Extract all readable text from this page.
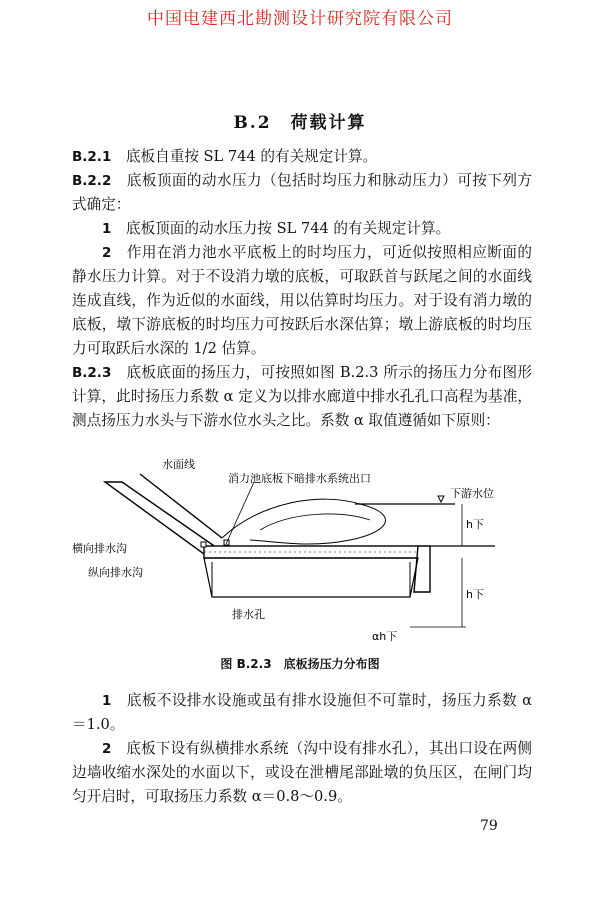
中国电建西北勘测设计研究院有限公司
B.2　荷载计算

B.2.1　 底板自重按 SL 744 的有关规定计算。

B.2.2　 底板顶面的动水压力（包括时均压力和脉动压力）可按下列方式确定：

1　 底板顶面的动水压力按 SL 744 的有关规定计算。

2　 作用在消力池水平底板上的时均压力，可近似按照相应断面的静水压力计算。对于不设消力墩的底板，可取跃首与跃尾之间的水面线连成直线，作为近似的水面线，用以估算时均压力。对于设有消力墩的底板，墩下游底板的时均压力可按跃后水深估算；墩上游底板的时均压力可取跃后水深的 1/2 估算。

B.2.3　 底板底面的扬压力，可按照如图 B.2.3 所示的扬压力分布图形计算，此时扬压力系数 α 定义为以排水廊道中排水孔孔口高程为基准，测点扬压力水头与下游水位水头之比。系数 α 取值遵循如下原则：

水面线
消力池底板下暗排水系统出口
下游水位
横向排水沟
纵向排水沟
排水孔
h下
h下
αh下
图 B.2.3　底板扬压力分布图

1　 底板不设排水设施或虽有排水设施但不可靠时，扬压力系数 α＝1.0。

2　 底板下设有纵横排水系统（沟中设有排水孔），其出口设在两侧边墙收缩水深处的水面以下，或设在泄槽尾部趾墩的负压区，在闸门均匀开启时，可取扬压力系数 α＝0.8～0.9。

79
